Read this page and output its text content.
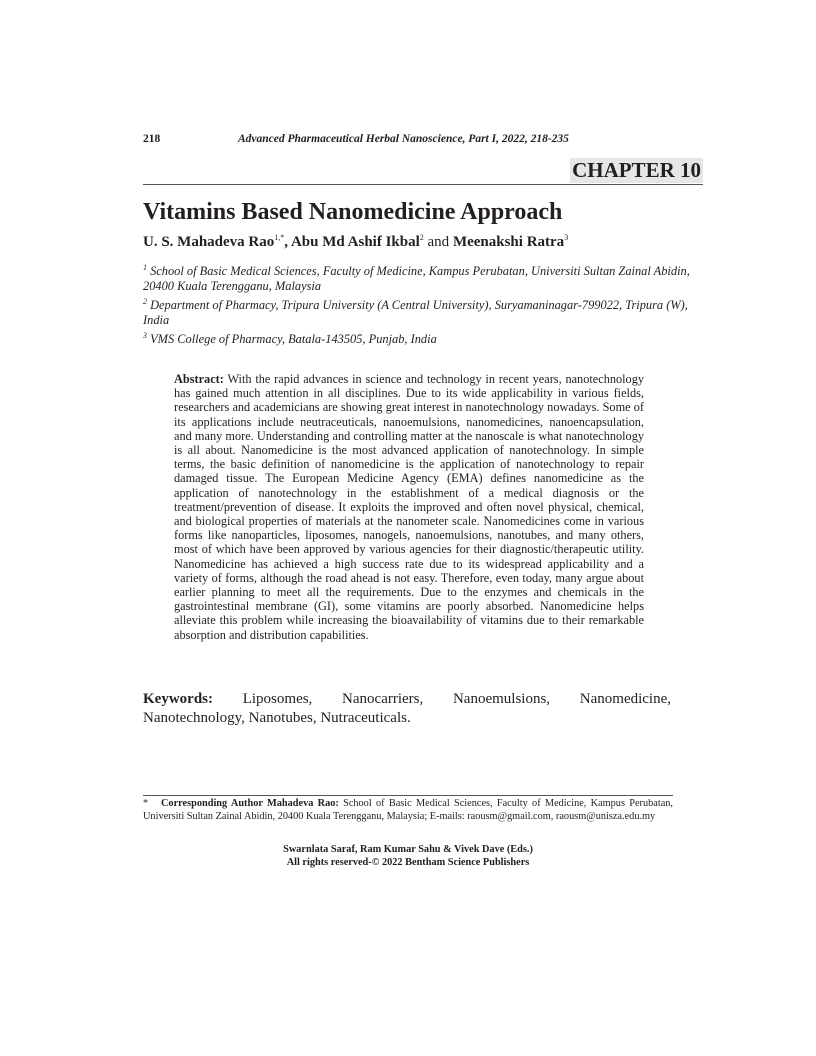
218	Advanced Pharmaceutical Herbal Nanoscience, Part I, 2022, 218-235
CHAPTER 10
Vitamins Based Nanomedicine Approach
U. S. Mahadeva Rao$^{1,*}$, Abu Md Ashif Ikbal$^2$ and Meenakshi Ratra$^3$
$^1$ School of Basic Medical Sciences, Faculty of Medicine, Kampus Perubatan, Universiti Sultan Zainal Abidin, 20400 Kuala Terengganu, Malaysia
$^2$ Department of Pharmacy, Tripura University (A Central University), Suryamaninagar-799022, Tripura (W), India
$^3$ VMS College of Pharmacy, Batala-143505, Punjab, India

Abstract: With the rapid advances in science and technology in recent years, nanotechnology has gained much attention in all disciplines. Due to its wide applicability in various fields, researchers and academicians are showing great interest in nanotechnology nowadays. Some of its applications include neutraceuticals, nanoemulsions, nanomedicines, nanoencapsulation, and many more. Understanding and controlling matter at the nanoscale is what nanotechnology is all about. Nanomedicine is the most advanced application of nanotechnology. In simple terms, the basic definition of nanomedicine is the application of nanotechnology to repair damaged tissue. The European Medicine Agency (EMA) defines nanomedicine as the application of nanotechnology in the establishment of a medical diagnosis or the treatment/prevention of disease. It exploits the improved and often novel physical, chemical, and biological properties of materials at the nanometer scale. Nanomedicines come in various forms like nanoparticles, liposomes, nanogels, nanoemulsions, nanotubes, and many others, most of which have been approved by various agencies for their diagnostic/therapeutic utility. Nanomedicine has achieved a high success rate due to its widespread applicability and a variety of forms, although the road ahead is not easy. Therefore, even today, many argue about earlier planning to meet all the requirements. Due to the enzymes and chemicals in the gastrointestinal membrane (GI), some vitamins are poorly absorbed. Nanomedicine helps alleviate this problem while increasing the bioavailability of vitamins due to their remarkable absorption and distribution capabilities.

Keywords: Liposomes, Nanocarriers, Nanoemulsions, Nanomedicine, Nanotechnology, Nanotubes, Nutraceuticals.
* Corresponding Author Mahadeva Rao: School of Basic Medical Sciences, Faculty of Medicine, Kampus Perubatan, Universiti Sultan Zainal Abidin, 20400 Kuala Terengganu, Malaysia; E-mails: raousm@gmail.com, raousm@unisza.edu.my
Swarnlata Saraf, Ram Kumar Sahu & Vivek Dave (Eds.)
All rights reserved-© 2022 Bentham Science Publishers
